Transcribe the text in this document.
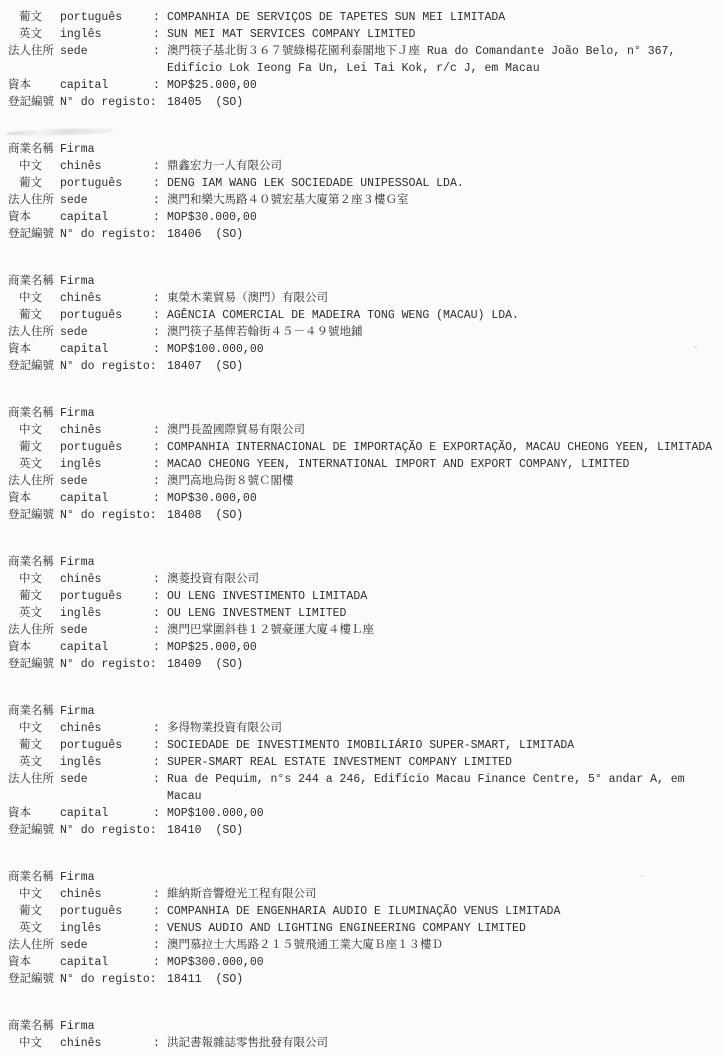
葡文	português	: COMPANHIA DE SERVIÇOS DE TAPETES SUN MEI LIMITADA
英文	inglês	: SUN MEI MAT SERVICES COMPANY LIMITED
法人住所 sede	: 澳門筷子基北街３６７號綠楊花園利泰閣地下Ｊ座 Rua do Comandante João Belo, n° 367, Edifício Lok Ieong Fa Un, Lei Tai Kok, r/c J, em Macau
資本	capital	: MOP$25.000,00
登記編號 N° do registo: 18405 (SO)
商業名稱 Firma
中文	chinês	: 鼎鑫宏力一人有限公司
葡文	português	: DENG IAM WANG LEK SOCIEDADE UNIPESSOAL LDA.
法人住所 sede	: 澳門和樂大馬路４０號宏基大廈第２座３樓Ｇ室
資本	capital	: MOP$30.000,00
登記編號 N° do registo: 18406 (SO)
商業名稱 Firma
中文	chinês	: 東榮木業貿易（澳門）有限公司
葡文	português	: AGÊNCIA COMERCIAL DE MADEIRA TONG WENG (MACAU) LDA.
法人住所 sede	: 澳門筷子基俾若翰街４５－４９號地鋪
資本	capital	: MOP$100.000,00
登記編號 N° do registo: 18407 (SO)
商業名稱 Firma
中文	chinês	: 澳門長盈國際貿易有限公司
葡文	português	: COMPANHIA INTERNACIONAL DE IMPORTAÇÃO E EXPORTAÇÃO, MACAU CHEONG YEEN, LIMITADA
英文	inglês	: MACAO CHEONG YEEN, INTERNATIONAL IMPORT AND EXPORT COMPANY, LIMITED
法人住所 sede	: 澳門高地烏街８號Ｃ閣樓
資本	capital	: MOP$30.000,00
登記編號 N° do registo: 18408 (SO)
商業名稱 Firma
中文	chinês	: 澳菱投資有限公司
葡文	português	: OU LENG INVESTIMENTO LIMITADA
英文	inglês	: OU LENG INVESTMENT LIMITED
法人住所 sede	: 澳門巴掌圍斜巷１２號豪運大廈４樓Ｌ座
資本	capital	: MOP$25.000,00
登記編號 N° do registo: 18409 (SO)
商業名稱 Firma
中文	chinês	: 多得物業投資有限公司
葡文	português	: SOCIEDADE DE INVESTIMENTO IMOBILIÁRIO SUPER-SMART, LIMITADA
英文	inglês	: SUPER-SMART REAL ESTATE INVESTMENT COMPANY LIMITED
法人住所 sede	: Rua de Pequim, n°s 244 a 246, Edifício Macau Finance Centre, 5° andar A, em Macau
資本	capital	: MOP$100.000,00
登記編號 N° do registo: 18410 (SO)
商業名稱 Firma
中文	chinês	: 維納斯音響燈光工程有限公司
葡文	português	: COMPANHIA DE ENGENHARIA AUDIO E ILUMINAÇÃO VENUS LIMITADA
英文	inglês	: VENUS AUDIO AND LIGHTING ENGINEERING COMPANY LIMITED
法人住所 sede	: 澳門慕拉士大馬路２１５號飛通工業大廈Ｂ座１３樓Ｄ
資本	capital	: MOP$300.000,00
登記編號 N° do registo: 18411 (SO)
商業名稱 Firma
中文	chinês	: 洪記書報雜誌零售批發有限公司
